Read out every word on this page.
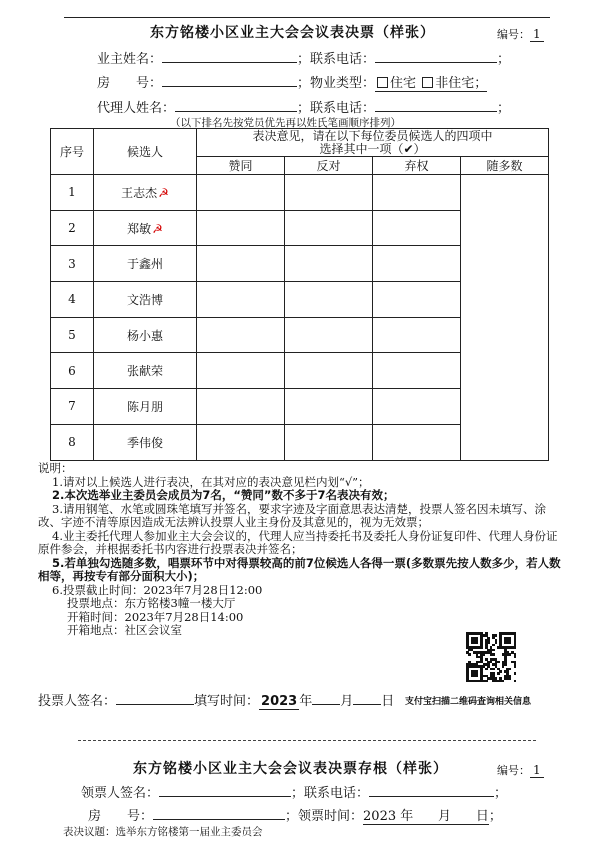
东方铭楼小区业主大会会议表决票（样张）	编号： 1
业主姓名：	；联系电话：	；
房　　号：	；物业类型： 住宅 非住宅；
代理人姓名：	；联系电话：	；
（以下排名先按党员优先再以姓氏笔画顺序排列）
序号	候选人	表决意见，请在以下每位委员候选人的四项中
选择其中一项（✔）			

		赞同	反对	弃权	随多数
1	王志杰☭				
2	郑敏☭				
3	于鑫州				
4	文浩博				
5	杨小惠				
6	张献荣				
7	陈月朋				
8	季伟俊				

说明：

1.请对以上候选人进行表决，在其对应的表决意见栏内划“√”；

2.本次选举业主委员会成员为7名，“赞同”数不多于7名表决有效；

3.请用钢笔、水笔或圆珠笔填写并签名，要求字迹及字面意思表达清楚，投票人签名因未填写、涂改、字迹不清等原因造成无法辨认投票人业主身份及其意见的，视为无效票；

4.业主委托代理人参加业主大会会议的，代理人应当持委托书及委托人身份证复印件、代理人身份证原件参会，并根据委托书内容进行投票表决并签名；

5.若单独勾选随多数，唱票环节中对得票较高的前7位候选人各得一票(多数票先按人数多少，若人数相等，再按专有部分面积大小)；

6.投票截止时间：2023年7月28日12:00

投票地点：东方铭楼3幢一楼大厅

开箱时间：2023年7月28日14:00

开箱地点：社区会议室

投票人签名：	填写时间： 2023 年 月 日 支付宝扫描二维码查询相关信息
东方铭楼小区业主大会会议表决票存根（样张）	编号： 1
领票人签名：	；联系电话：	；
房　　号：	；领票时间：2023 年 月 日；
表决议题：选举东方铭楼第一届业主委员会
